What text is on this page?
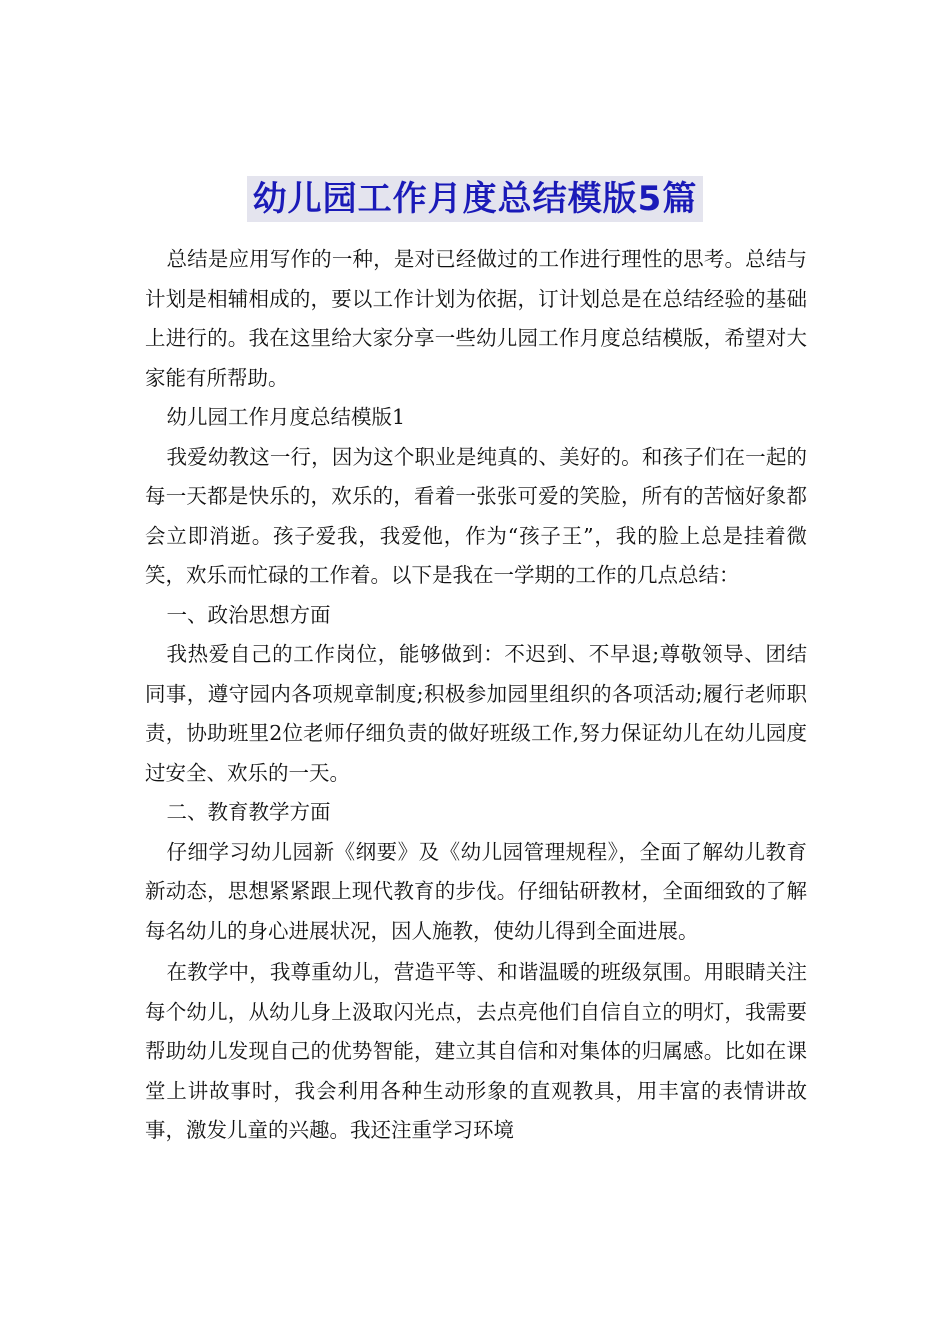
幼儿园工作月度总结模版5篇

总结是应用写作的一种，是对已经做过的工作进行理性的思考。总结与计划是相辅相成的，要以工作计划为依据，订计划总是在总结经验的基础上进行的。我在这里给大家分享一些幼儿园工作月度总结模版，希望对大家能有所帮助。

幼儿园工作月度总结模版1

我爱幼教这一行，因为这个职业是纯真的、美好的。和孩子们在一起的每一天都是快乐的，欢乐的，看着一张张可爱的笑脸，所有的苦恼好象都会立即消逝。孩子爱我，我爱他，作为“孩子王”，我的脸上总是挂着微笑，欢乐而忙碌的工作着。以下是我在一学期的工作的几点总结：

一、政治思想方面

我热爱自己的工作岗位，能够做到：不迟到、不早退;尊敬领导、团结同事，遵守园内各项规章制度;积极参加园里组织的各项活动;履行老师职责，协助班里2位老师仔细负责的做好班级工作,努力保证幼儿在幼儿园度过安全、欢乐的一天。

二、教育教学方面

仔细学习幼儿园新《纲要》及《幼儿园管理规程》，全面了解幼儿教育新动态，思想紧紧跟上现代教育的步伐。仔细钻研教材，全面细致的了解每名幼儿的身心进展状况，因人施教，使幼儿得到全面进展。

在教学中，我尊重幼儿，营造平等、和谐温暖的班级氛围。用眼睛关注每个幼儿，从幼儿身上汲取闪光点，去点亮他们自信自立的明灯，我需要帮助幼儿发现自己的优势智能，建立其自信和对集体的归属感。比如在课堂上讲故事时，我会利用各种生动形象的直观教具，用丰富的表情讲故事，激发儿童的兴趣。我还注重学习环境
